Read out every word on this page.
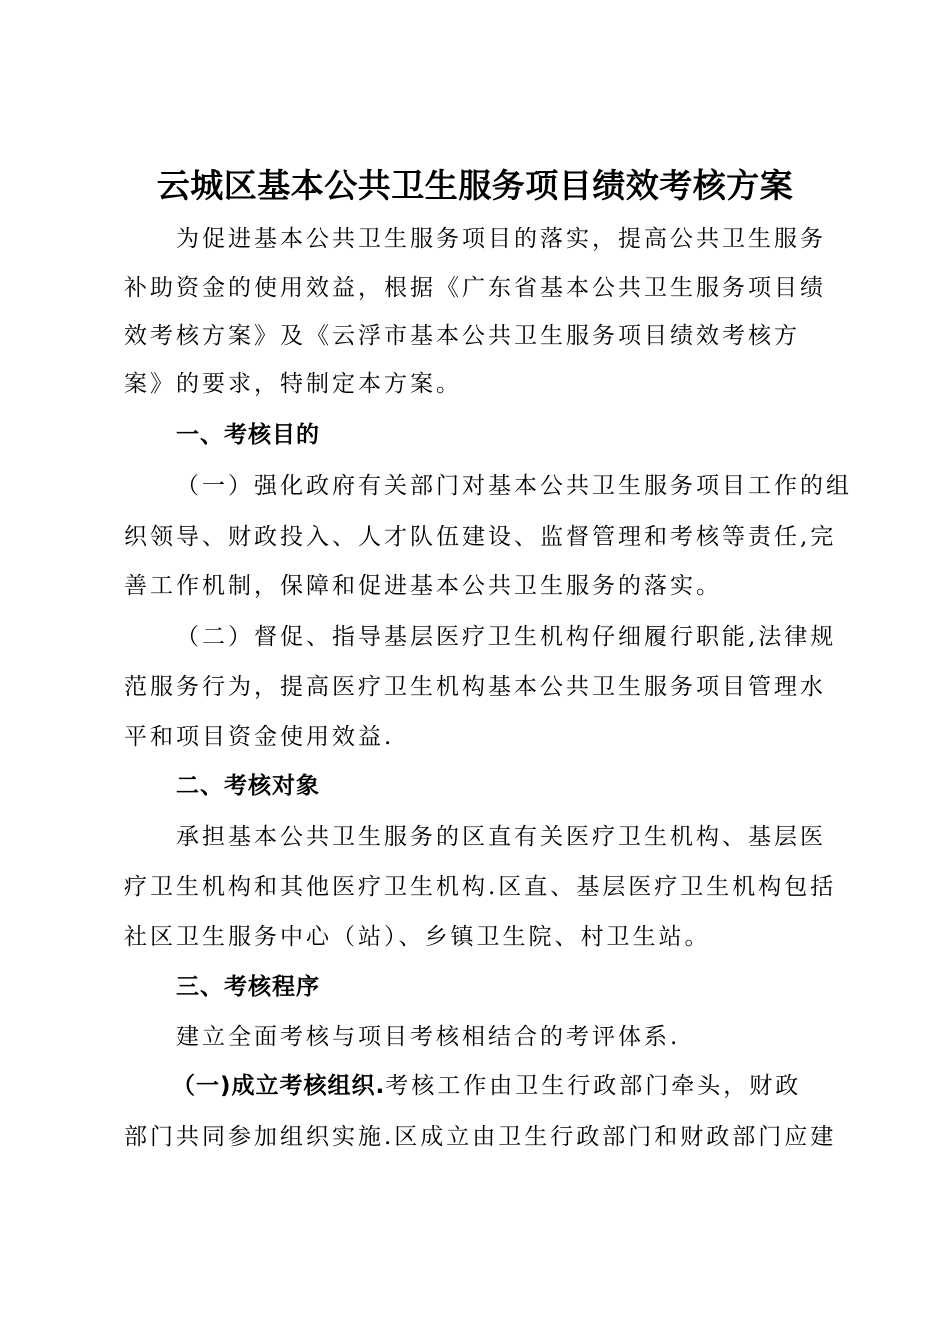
云城区基本公共卫生服务项目绩效考核方案
为促进基本公共卫生服务项目的落实，提高公共卫生服务
补助资金的使用效益，根据《广东省基本公共卫生服务项目绩
效考核方案》及《云浮市基本公共卫生服务项目绩效考核方
案》的要求，特制定本方案。
一、考核目的
（一）强化政府有关部门对基本公共卫生服务项目工作的组
织领导、财政投入、人才队伍建设、监督管理和考核等责任,完
善工作机制，保障和促进基本公共卫生服务的落实。
（二）督促、指导基层医疗卫生机构仔细履行职能,法律规
范服务行为，提高医疗卫生机构基本公共卫生服务项目管理水
平和项目资金使用效益.
二、考核对象
承担基本公共卫生服务的区直有关医疗卫生机构、基层医
疗卫生机构和其他医疗卫生机构.区直、基层医疗卫生机构包括
社区卫生服务中心（站）、乡镇卫生院、村卫生站。
三、考核程序
建立全面考核与项目考核相结合的考评体系.
（一)成立考核组织.考核工作由卫生行政部门牵头，财政
部门共同参加组织实施.区成立由卫生行政部门和财政部门应建
